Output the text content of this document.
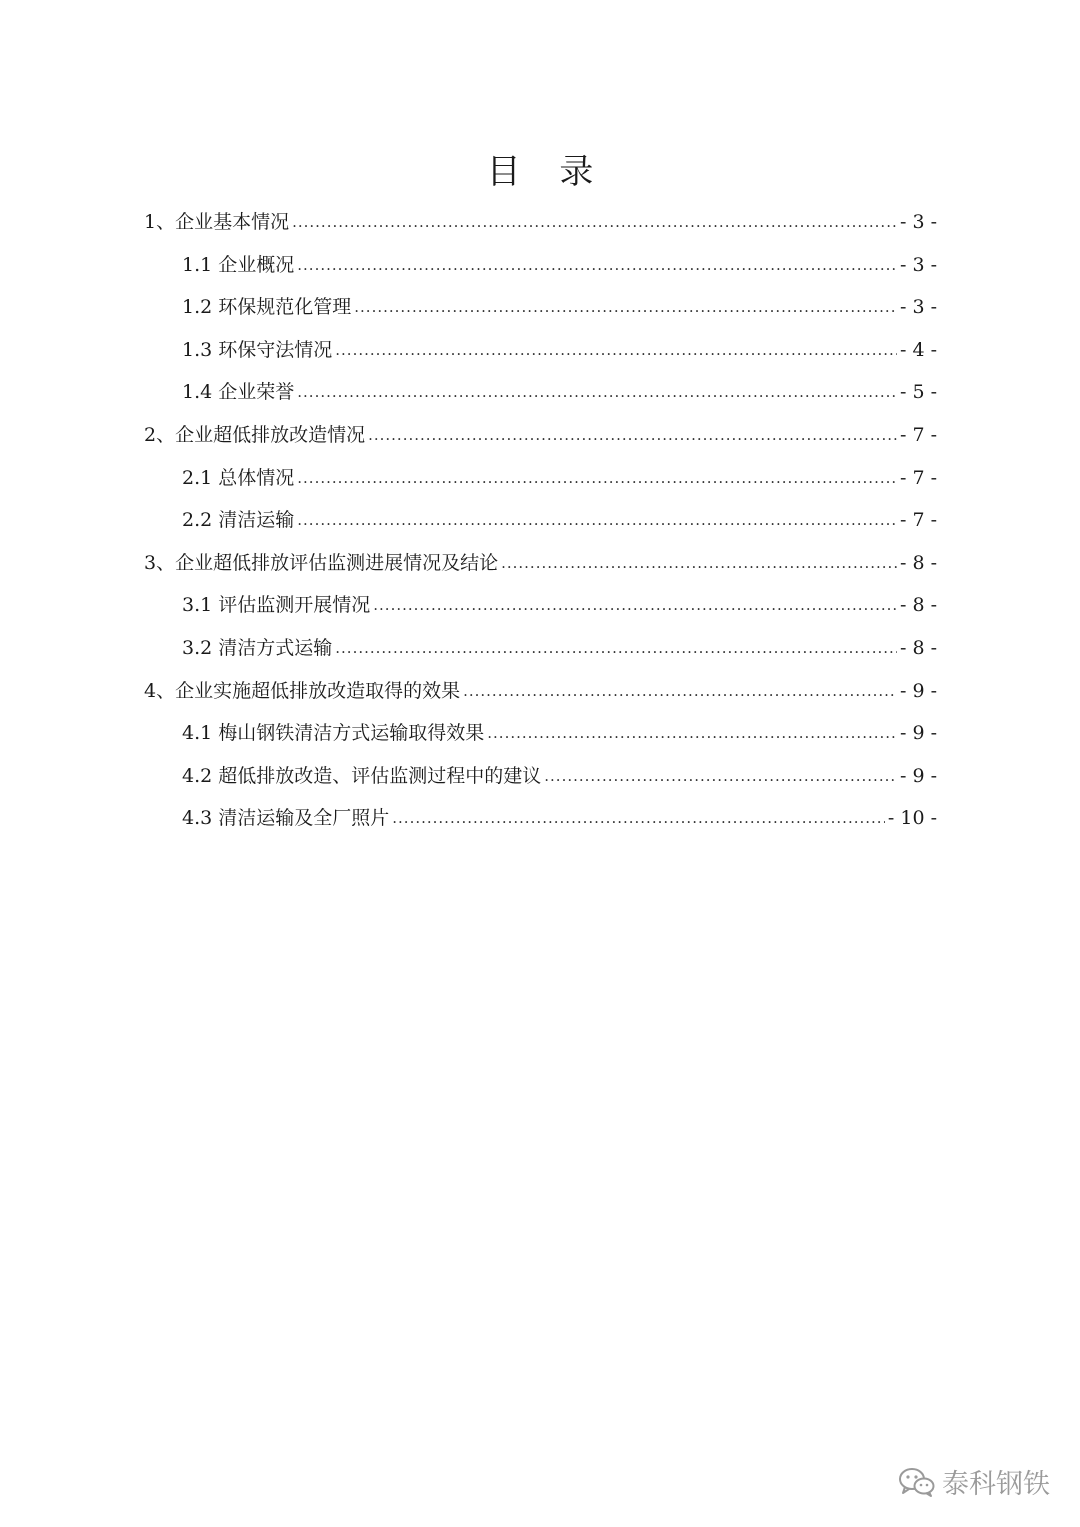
目 录
1、企业基本情况 .....	- 3 -
1.1 企业概况 .....	- 3 -
1.2 环保规范化管理 .....	- 3 -
1.3 环保守法情况 .....	- 4 -
1.4 企业荣誉 .....	- 5 -
2、企业超低排放改造情况 .....	- 7 -
2.1 总体情况 .....	- 7 -
2.2 清洁运输 .....	- 7 -
3、企业超低排放评估监测进展情况及结论 .....	- 8 -
3.1 评估监测开展情况 .....	- 8 -
3.2 清洁方式运输 .....	- 8 -
4、企业实施超低排放改造取得的效果 .....	- 9 -
4.1 梅山钢铁清洁方式运输取得效果 .....	- 9 -
4.2 超低排放改造、评估监测过程中的建议 .....	- 9 -
4.3 清洁运输及全厂照片 .....	- 10 -
泰科钢铁
